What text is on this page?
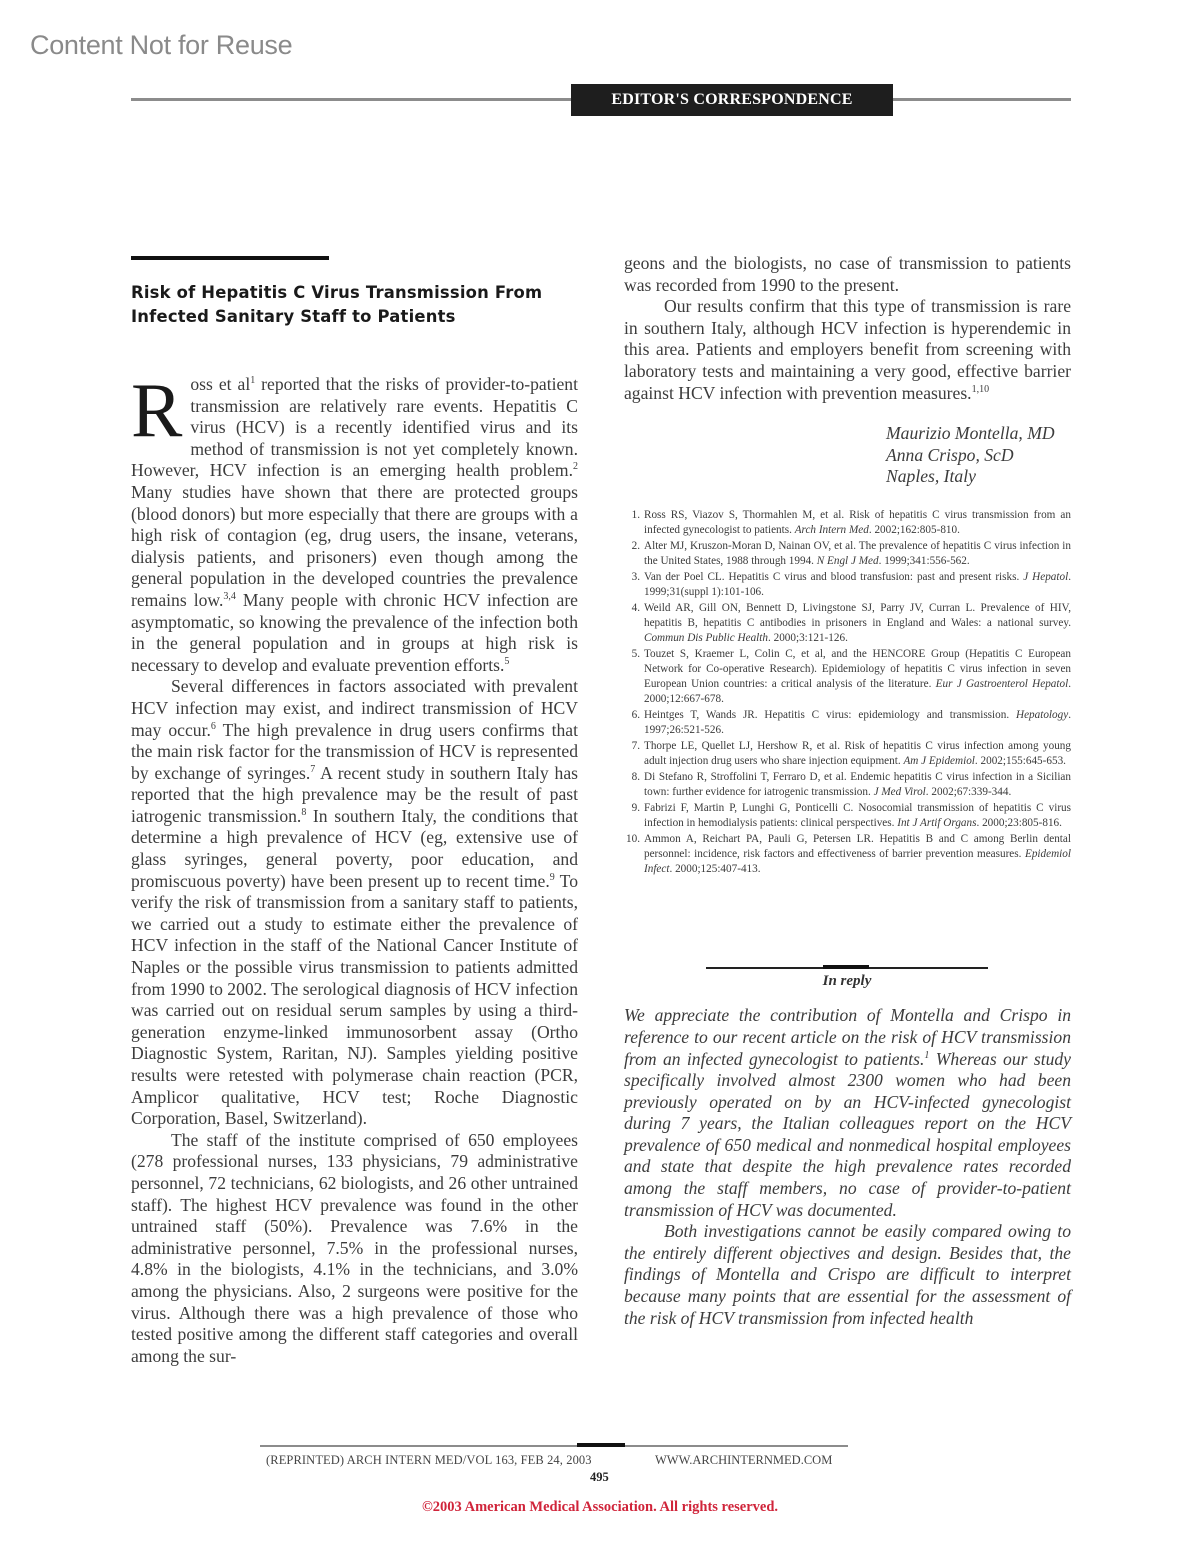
Content Not for Reuse
EDITOR'S CORRESPONDENCE
Risk of Hepatitis C Virus Transmission From Infected Sanitary Staff to Patients

Ross et $al^1$ reported that the risks of provider-to-patient transmission are relatively rare events. Hepatitis C virus (HCV) is a recently identified virus and its method of transmission is not yet completely known. However, HCV infection is an emerging health problem.$^2$ Many studies have shown that there are protected groups (blood donors) but more especially that there are groups with a high risk of contagion (eg, drug users, the insane, veterans, dialysis patients, and prisoners) even though among the general population in the developed countries the prevalence remains low.$^{3,4}$ Many people with chronic HCV infection are asymptomatic, so knowing the prevalence of the infection both in the general population and in groups at high risk is necessary to develop and evaluate prevention efforts.$^5$

Several differences in factors associated with prevalent HCV infection may exist, and indirect transmission of HCV may occur.$^6$ The high prevalence in drug users confirms that the main risk factor for the transmission of HCV is represented by exchange of syringes.$^7$ A recent study in southern Italy has reported that the high prevalence may be the result of past iatrogenic transmission.$^8$ In southern Italy, the conditions that determine a high prevalence of HCV (eg, extensive use of glass syringes, general poverty, poor education, and promiscuous poverty) have been present up to recent time.$^9$ To verify the risk of transmission from a sanitary staff to patients, we carried out a study to estimate either the prevalence of HCV infection in the staff of the National Cancer Institute of Naples or the possible virus transmission to patients admitted from 1990 to 2002. The serological diagnosis of HCV infection was carried out on residual serum samples by using a third-generation enzyme-linked immunosorbent assay (Ortho Diagnostic System, Raritan, NJ). Samples yielding positive results were retested with polymerase chain reaction (PCR, Amplicor qualitative, HCV test; Roche Diagnostic Corporation, Basel, Switzerland).

The staff of the institute comprised of 650 employees (278 professional nurses, 133 physicians, 79 administrative personnel, 72 technicians, 62 biologists, and 26 other untrained staff). The highest HCV prevalence was found in the other untrained staff (50%). Prevalence was 7.6% in the administrative personnel, 7.5% in the professional nurses, 4.8% in the biologists, 4.1% in the technicians, and 3.0% among the physicians. Also, 2 surgeons were positive for the virus. Although there was a high prevalence of those who tested positive among the different staff categories and overall among the sur-

geons and the biologists, no case of transmission to patients was recorded from 1990 to the present.

Our results confirm that this type of transmission is rare in southern Italy, although HCV infection is hyperendemic in this area. Patients and employers benefit from screening with laboratory tests and maintaining a very good, effective barrier against HCV infection with prevention measures.$^{1,10}$

Maurizio Montella, MD
Anna Crispo, ScD
Naples, Italy
1. Ross RS, Viazov S, Thormahlen M, et al. Risk of hepatitis C virus transmission from an infected gynecologist to patients. Arch Intern Med. 2002;162:805-810.
2. Alter MJ, Kruszon-Moran D, Nainan OV, et al. The prevalence of hepatitis C virus infection in the United States, 1988 through 1994. N Engl J Med. 1999;341:556-562.
3. Van der Poel CL. Hepatitis C virus and blood transfusion: past and present risks. J Hepatol. 1999;31(suppl 1):101-106.
4. Weild AR, Gill ON, Bennett D, Livingstone SJ, Parry JV, Curran L. Prevalence of HIV, hepatitis B, hepatitis C antibodies in prisoners in England and Wales: a national survey. Commun Dis Public Health. 2000;3:121-126.
5. Touzet S, Kraemer L, Colin C, et al, and the HENCORE Group (Hepatitis C European Network for Co-operative Research). Epidemiology of hepatitis C virus infection in seven European Union countries: a critical analysis of the literature. Eur J Gastroenterol Hepatol. 2000;12:667-678.
6. Heintges T, Wands JR. Hepatitis C virus: epidemiology and transmission. Hepatology. 1997;26:521-526.
7. Thorpe LE, Quellet LJ, Hershow R, et al. Risk of hepatitis C virus infection among young adult injection drug users who share injection equipment. Am J Epidemiol. 2002;155:645-653.
8. Di Stefano R, Stroffolini T, Ferraro D, et al. Endemic hepatitis C virus infection in a Sicilian town: further evidence for iatrogenic transmission. J Med Virol. 2002;67:339-344.
9. Fabrizi F, Martin P, Lunghi G, Ponticelli C. Nosocomial transmission of hepatitis C virus infection in hemodialysis patients: clinical perspectives. Int J Artif Organs. 2000;23:805-816.
10. Ammon A, Reichart PA, Pauli G, Petersen LR. Hepatitis B and C among Berlin dental personnel: incidence, risk factors and effectiveness of barrier prevention measures. Epidemiol Infect. 2000;125:407-413.
In reply

We appreciate the contribution of Montella and Crispo in reference to our recent article on the risk of HCV transmission from an infected gynecologist to patients.$^1$ Whereas our study specifically involved almost 2300 women who had been previously operated on by an HCV-infected gynecologist during 7 years, the Italian colleagues report on the HCV prevalence of 650 medical and nonmedical hospital employees and state that despite the high prevalence rates recorded among the staff members, no case of provider-to-patient transmission of HCV was documented.

Both investigations cannot be easily compared owing to the entirely different objectives and design. Besides that, the findings of Montella and Crispo are difficult to interpret because many points that are essential for the assessment of the risk of HCV transmission from infected health

(REPRINTED) ARCH INTERN MED/VOL 163, FEB 24, 2003	WWW.ARCHINTERNMED.COM
495
©2003 American Medical Association. All rights reserved.
